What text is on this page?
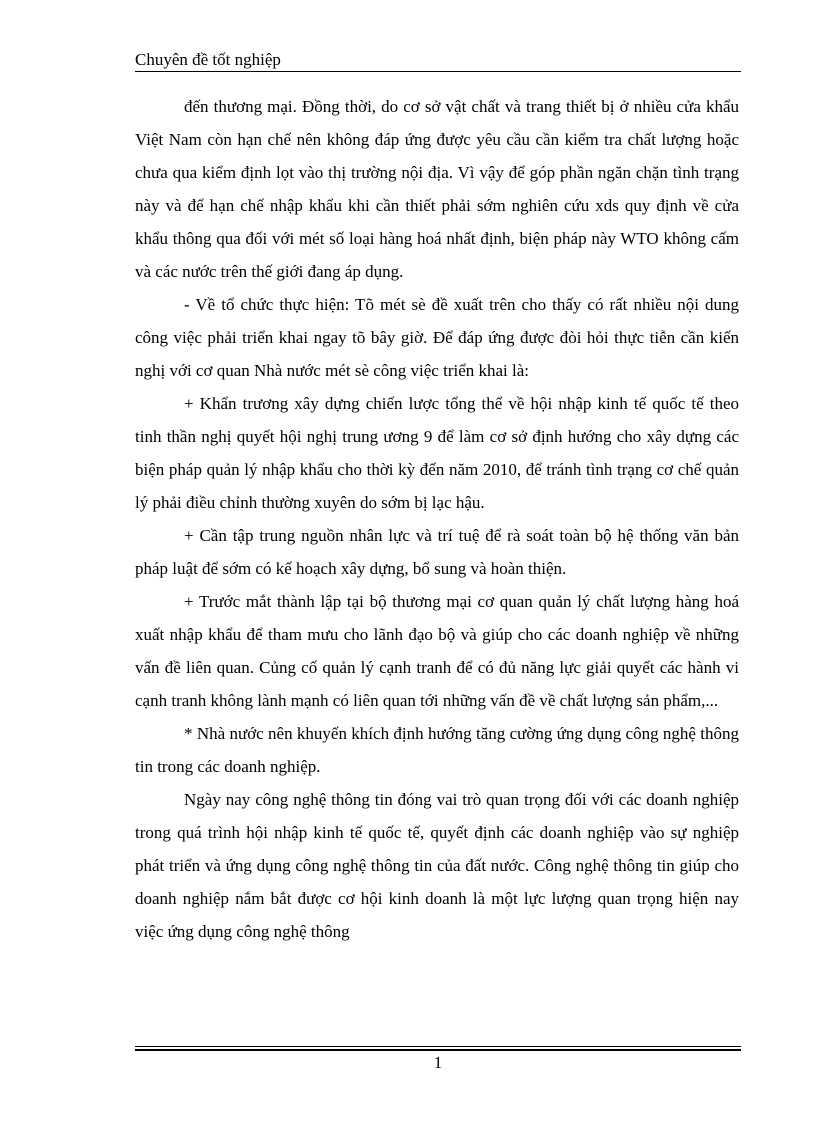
Chuyên đề tốt nghiệp

đến thương mại. Đồng thời, do cơ sở vật chất và trang thiết bị ở nhiều cửa khẩu Việt Nam còn hạn chế nên không đáp ứng được yêu cầu cần kiểm tra chất lượng hoặc chưa qua kiểm định lọt vào thị trường nội địa. Vì vậy để góp phần ngăn chặn tình trạng này và để hạn chế nhập khẩu khi cần thiết phải sớm nghiên cứu xds quy định về cửa khẩu thông qua đối với mét số loại hàng hoá nhất định, biện pháp này WTO không cấm và các nước trên thế giới đang áp dụng.

- Về tổ chức thực hiện: Tõ mét sè đề xuất trên cho thấy có rất nhiều nội dung công việc phải triển khai ngay tõ bây giờ. Để đáp ứng được đòi hỏi thực tiễn cần kiến nghị với cơ quan Nhà nước mét sè công việc triển khai là:

+ Khẩn trương xây dựng chiến lược tổng thể về hội nhập kinh tế quốc tế theo tinh thần nghị quyết hội nghị trung ương 9 để làm cơ sở định hướng cho xây dựng các biện pháp quản lý nhập khẩu cho thời kỳ đến năm 2010, để tránh tình trạng cơ chế quản lý phải điều chỉnh thường xuyên do sớm bị lạc hậu.

+ Cần tập trung nguồn nhân lực và trí tuệ để rà soát toàn bộ hệ thống văn bản pháp luật để sớm có kế hoạch xây dựng, bổ sung và hoàn thiện.

+ Trước mắt thành lập tại bộ thương mại cơ quan quản lý chất lượng hàng hoá xuất nhập khẩu để tham mưu cho lãnh đạo bộ và giúp cho các doanh nghiệp về những vấn đề liên quan. Củng cố quản lý cạnh tranh để có đủ năng lực giải quyết các hành vi cạnh tranh không lành mạnh có liên quan tới những vấn đề về chất lượng sản phẩm,...

* Nhà nước nên khuyến khích định hướng tăng cường ứng dụng công nghệ thông tin trong các doanh nghiệp.

Ngày nay công nghệ thông tin đóng vai trò quan trọng đối với các doanh nghiệp trong quá trình hội nhập kinh tế quốc tế, quyết định các doanh nghiệp vào sự nghiệp phát triển và ứng dụng công nghệ thông tin của đất nước. Công nghệ thông tin giúp cho doanh nghiệp nắm bắt được cơ hội kinh doanh là một lực lượng quan trọng hiện nay việc ứng dụng công nghệ thông

1
